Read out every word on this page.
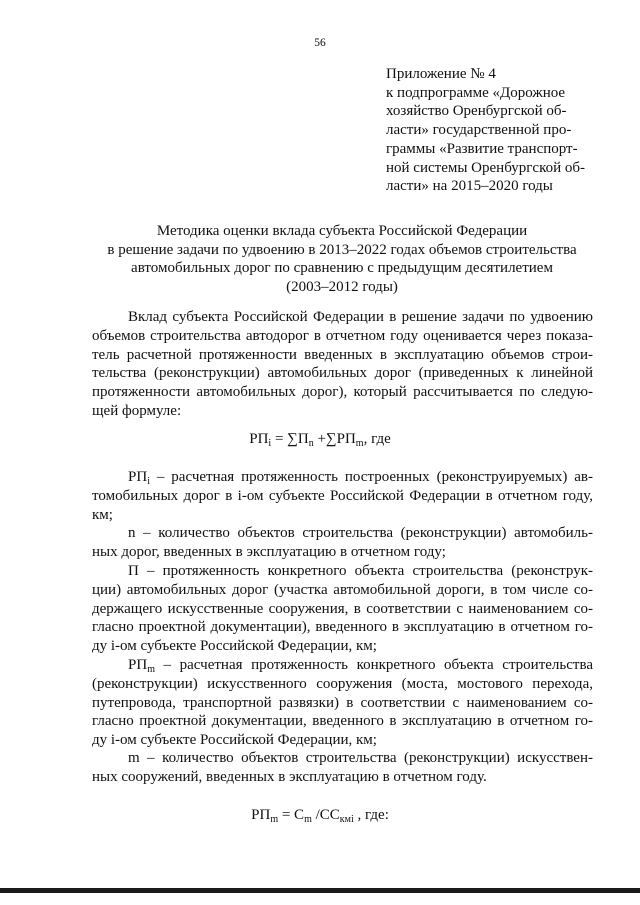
56
Приложение № 4
к подпрограмме «Дорожное
хозяйство Оренбургской об-
ласти» государственной про-
граммы «Развитие транспорт-
ной системы Оренбургской об-
ласти» на 2015–2020 годы
Методика оценки вклада субъекта Российской Федерации
в решение задачи по удвоению в 2013–2022 годах объемов строительства
автомобильных дорог по сравнению с предыдущим десятилетием
(2003–2012 годы)
Вклад субъекта Российской Федерации в решение задачи по удвоению
объемов строительства автодорог в отчетном году оценивается через показа-
тель расчетной протяженности введенных в эксплуатацию объемов строи-
тельства (реконструкции) автомобильных дорог (приведенных к линейной
протяженности автомобильных дорог), который рассчитывается по следую-
щей формуле:
$РП_i = \sum П_n +\sum РП_m$, где
$РП_i$ – расчетная протяженность построенных (реконструируемых) ав-
томобильных дорог в i-ом субъекте Российской Федерации в отчетном году,
км;
n – количество объектов строительства (реконструкции) автомобиль-
ных дорог, введенных в эксплуатацию в отчетном году;
П – протяженность конкретного объекта строительства (реконструк-
ции) автомобильных дорог (участка автомобильной дороги, в том числе со-
держащего искусственные сооружения, в соответствии с наименованием со-
гласно проектной документации), введенного в эксплуатацию в отчетном го-
ду i-ом субъекте Российской Федерации, км;
$РП_m$ – расчетная протяженность конкретного объекта строительства
(реконструкции) искусственного сооружения (моста, мостового перехода,
путепровода, транспортной развязки) в соответствии с наименованием со-
гласно проектной документации, введенного в эксплуатацию в отчетном го-
ду i-ом субъекте Российской Федерации, км;
m – количество объектов строительства (реконструкции) искусствен-
ных сооружений, введенных в эксплуатацию в отчетном году.
$РП_m = С_m$ $/СС_{кмi}$ , где:
